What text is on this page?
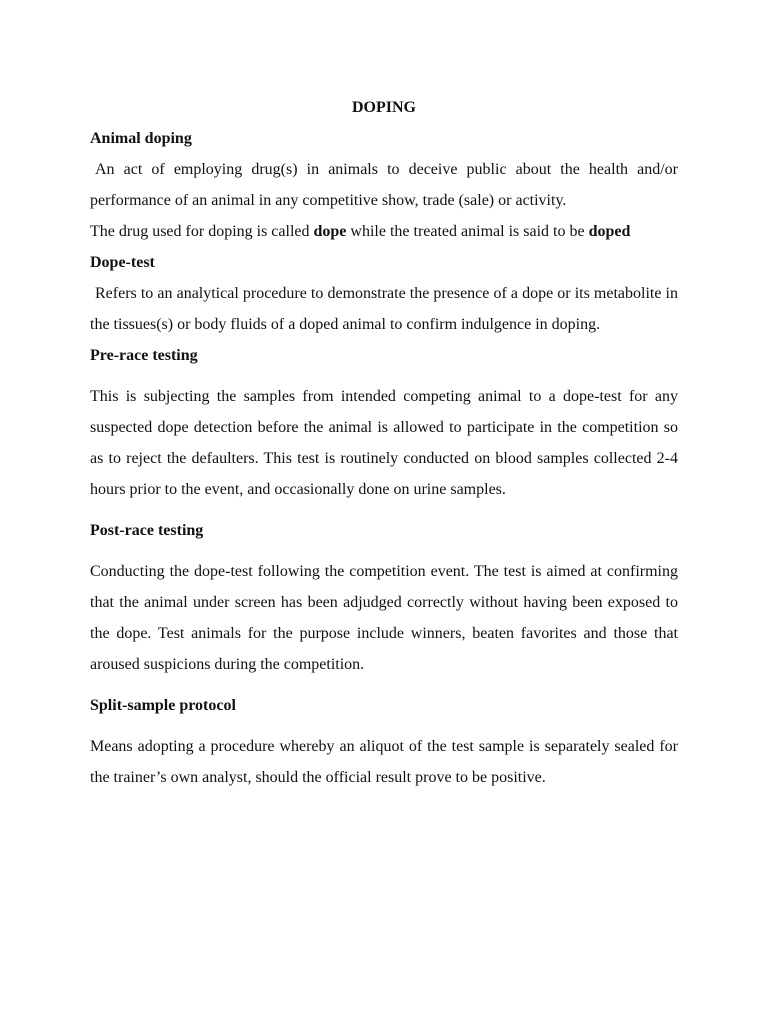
DOPING

Animal doping

An act of employing drug(s) in animals to deceive public about the health and/or performance of an animal in any competitive show, trade (sale) or activity.

The drug used for doping is called dope while the treated animal is said to be doped

Dope-test

Refers to an analytical procedure to demonstrate the presence of a dope or its metabolite in the tissues(s) or body fluids of a doped animal to confirm indulgence in doping.

Pre-race testing

This is subjecting the samples from intended competing animal to a dope-test for any suspected dope detection before the animal is allowed to participate in the competition so as to reject the defaulters. This test is routinely conducted on blood samples collected 2-4 hours prior to the event, and occasionally done on urine samples.

Post-race testing

Conducting the dope-test following the competition event. The test is aimed at confirming that the animal under screen has been adjudged correctly without having been exposed to the dope. Test animals for the purpose include winners, beaten favorites and those that aroused suspicions during the competition.

Split-sample protocol

Means adopting a procedure whereby an aliquot of the test sample is separately sealed for the trainer’s own analyst, should the official result prove to be positive.
